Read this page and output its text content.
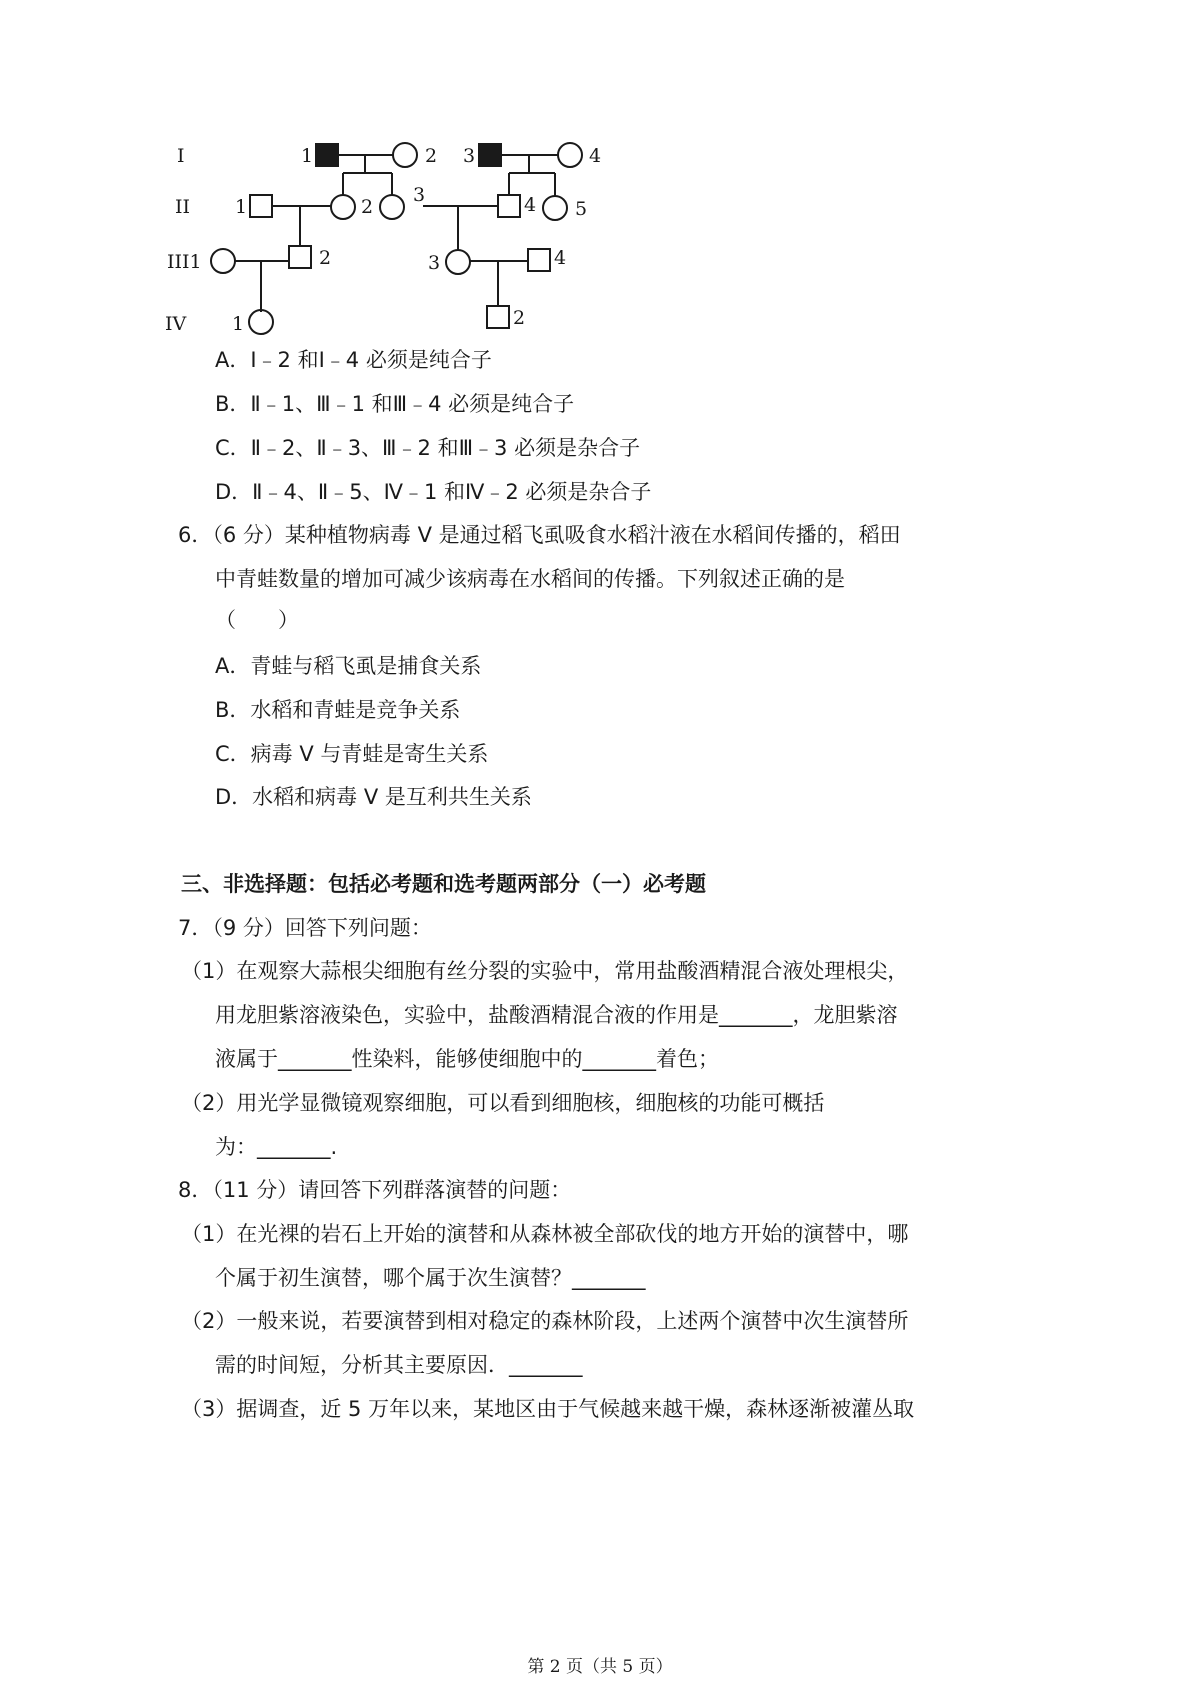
I
II
III1
IV
1	2 3	4
1	2
3	4 5
2	3	4
1	2
A．Ⅰ﹣2 和Ⅰ﹣4 必须是纯合子
B．Ⅱ﹣1、Ⅲ﹣1 和Ⅲ﹣4 必须是纯合子
C．Ⅱ﹣2、Ⅱ﹣3、Ⅲ﹣2 和Ⅲ﹣3 必须是杂合子
D．Ⅱ﹣4、Ⅱ﹣5、Ⅳ﹣1 和Ⅳ﹣2 必须是杂合子
6．（6 分）某种植物病毒 V 是通过稻飞虱吸食水稻汁液在水稻间传播的，稻田
中青蛙数量的增加可减少该病毒在水稻间的传播。下列叙述正确的是
（　　）
A．青蛙与稻飞虱是捕食关系
B．水稻和青蛙是竞争关系
C．病毒 V 与青蛙是寄生关系
D．水稻和病毒 V 是互利共生关系
三、非选择题：包括必考题和选考题两部分（一）必考题
7．（9 分）回答下列问题：
（1）在观察大蒜根尖细胞有丝分裂的实验中，常用盐酸酒精混合液处理根尖，
用龙胆紫溶液染色，实验中，盐酸酒精混合液的作用是_______，龙胆紫溶
液属于_______性染料，能够使细胞中的_______着色；
（2）用光学显微镜观察细胞，可以看到细胞核，细胞核的功能可概括
为：_______.
8．（11 分）请回答下列群落演替的问题：
（1）在光裸的岩石上开始的演替和从森林被全部砍伐的地方开始的演替中，哪
个属于初生演替，哪个属于次生演替？_______
（2）一般来说，若要演替到相对稳定的森林阶段，上述两个演替中次生演替所
需的时间短，分析其主要原因．_______
（3）据调查，近 5 万年以来，某地区由于气候越来越干燥，森林逐渐被灌丛取
第 2 页（共 5 页）
